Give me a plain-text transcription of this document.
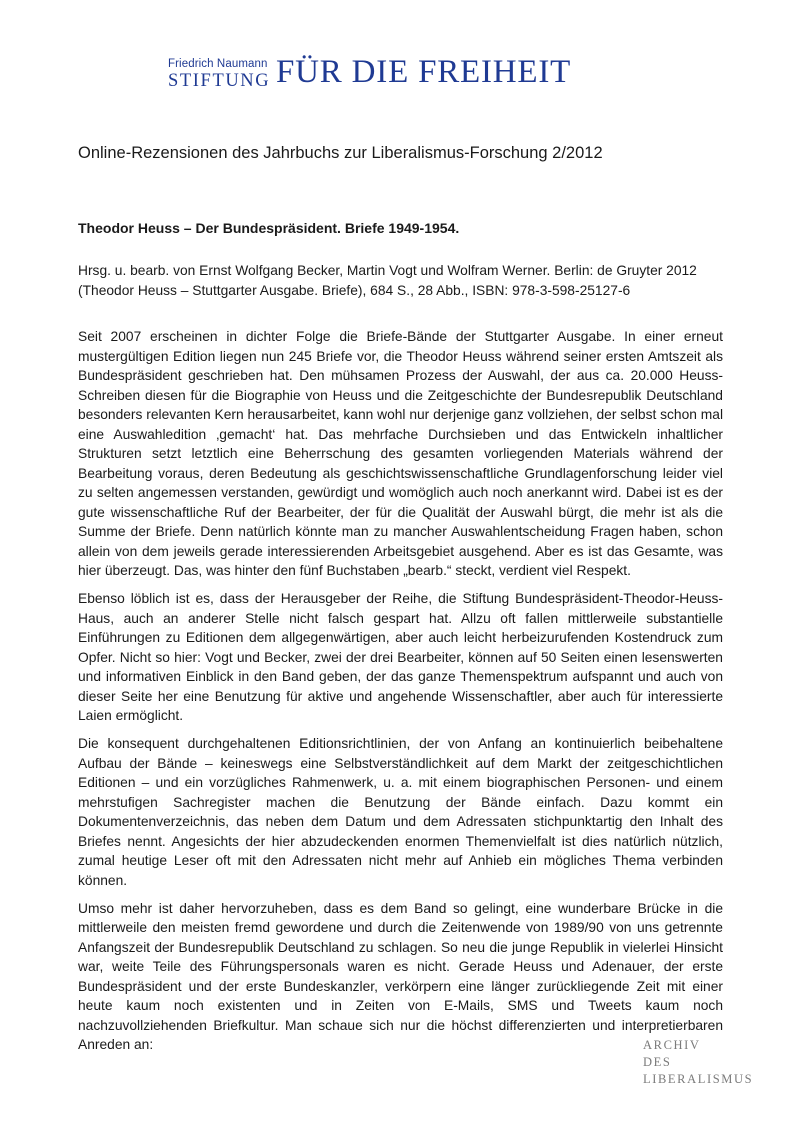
Friedrich Naumann
STIFTUNG FÜR DIE FREIHEIT
Online-Rezensionen des Jahrbuchs zur Liberalismus-Forschung 2/2012
Theodor Heuss – Der Bundespräsident. Briefe 1949-1954.

Hrsg. u. bearb. von Ernst Wolfgang Becker, Martin Vogt und Wolfram Werner. Berlin: de Gruyter 2012 (Theodor Heuss – Stuttgarter Ausgabe. Briefe), 684 S., 28 Abb., ISBN: 978-3-598-25127-6

Seit 2007 erscheinen in dichter Folge die Briefe-Bände der Stuttgarter Ausgabe. In einer erneut mustergültigen Edition liegen nun 245 Briefe vor, die Theodor Heuss während seiner ersten Amtszeit als Bundespräsident geschrieben hat. Den mühsamen Prozess der Auswahl, der aus ca. 20.000 Heuss-Schreiben diesen für die Biographie von Heuss und die Zeitgeschichte der Bundesrepublik Deutschland besonders relevanten Kern herausarbeitet, kann wohl nur derjenige ganz vollziehen, der selbst schon mal eine Auswahledition ‚gemacht‘ hat. Das mehrfache Durchsieben und das Entwickeln inhaltlicher Strukturen setzt letztlich eine Beherrschung des gesamten vorliegenden Materials während der Bearbeitung voraus, deren Bedeutung als geschichtswissenschaftliche Grundlagenforschung leider viel zu selten angemessen verstanden, gewürdigt und womöglich auch noch anerkannt wird. Dabei ist es der gute wissenschaftliche Ruf der Bearbeiter, der für die Qualität der Auswahl bürgt, die mehr ist als die Summe der Briefe. Denn natürlich könnte man zu mancher Auswahlentscheidung Fragen haben, schon allein von dem jeweils gerade interessierenden Arbeitsgebiet ausgehend. Aber es ist das Gesamte, was hier überzeugt. Das, was hinter den fünf Buchstaben „bearb.“ steckt, verdient viel Respekt.

Ebenso löblich ist es, dass der Herausgeber der Reihe, die Stiftung Bundespräsident-Theodor-Heuss-Haus, auch an anderer Stelle nicht falsch gespart hat. Allzu oft fallen mittlerweile substantielle Einführungen zu Editionen dem allgegenwärtigen, aber auch leicht herbeizurufenden Kostendruck zum Opfer. Nicht so hier: Vogt und Becker, zwei der drei Bearbeiter, können auf 50 Seiten einen lesenswerten und informativen Einblick in den Band geben, der das ganze Themenspektrum aufspannt und auch von dieser Seite her eine Benutzung für aktive und angehende Wissenschaftler, aber auch für interessierte Laien ermöglicht.

Die konsequent durchgehaltenen Editionsrichtlinien, der von Anfang an kontinuierlich beibehaltene Aufbau der Bände – keineswegs eine Selbstverständlichkeit auf dem Markt der zeitgeschichtlichen Editionen – und ein vorzügliches Rahmenwerk, u. a. mit einem biographischen Personen- und einem mehrstufigen Sachregister machen die Benutzung der Bände einfach. Dazu kommt ein Dokumentenverzeichnis, das neben dem Datum und dem Adressaten stichpunktartig den Inhalt des Briefes nennt. Angesichts der hier abzudeckenden enormen Themenvielfalt ist dies natürlich nützlich, zumal heutige Leser oft mit den Adressaten nicht mehr auf Anhieb ein mögliches Thema verbinden können.

Umso mehr ist daher hervorzuheben, dass es dem Band so gelingt, eine wunderbare Brücke in die mittlerweile den meisten fremd gewordene und durch die Zeitenwende von 1989/90 von uns getrennte Anfangszeit der Bundesrepublik Deutschland zu schlagen. So neu die junge Republik in vielerlei Hinsicht war, weite Teile des Führungspersonals waren es nicht. Gerade Heuss und Adenauer, der erste Bundespräsident und der erste Bundeskanzler, verkörpern eine länger zurückliegende Zeit mit einer heute kaum noch existenten und in Zeiten von E-Mails, SMS und Tweets kaum noch nachzuvollziehenden Briefkultur. Man schaue sich nur die höchst differenzierten und interpretierbaren Anreden an:	ARCHIV
DES
LIBERALISMUS
